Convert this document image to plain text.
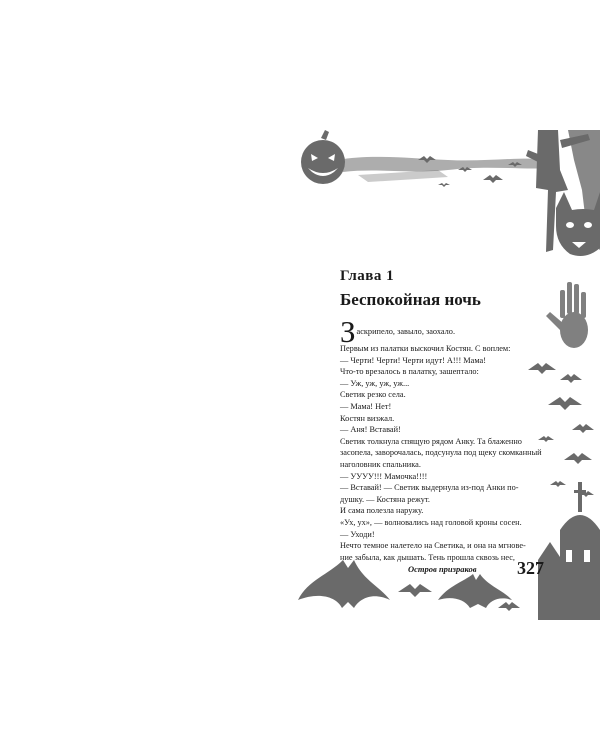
Глава 1
Беспокойная ночь
Заскрипело, завыло, заохало.
Первым из палатки выскочил Костян. С воплем:
— Черти! Черти! Черти идут! А!!! Мама!
Что-то врезалось в палатку, зашептало:
— Уж, уж, уж, уж...
Светик резко села.
— Мама! Нет!
Костян визжал.
— Аня! Вставай!
Светик толкнула спящую рядом Анку. Та блаженно
засопела, заворочалась, подсунула под щеку скомканный
наголовник спальника.
— УУУУ!!! Мамочка!!!!
— Вставай! — Светик выдернула из-под Анки по-
душку. — Костяна режут.
И сама полезла наружу.
«Ух, ух», — волновались над головой кроны сосен.
— Уходи!
Нечто темное налетело на Светика, и она на мгнове-
ние забыла, как дышать. Тень прошла сквозь нес,
Остров призраков 327
